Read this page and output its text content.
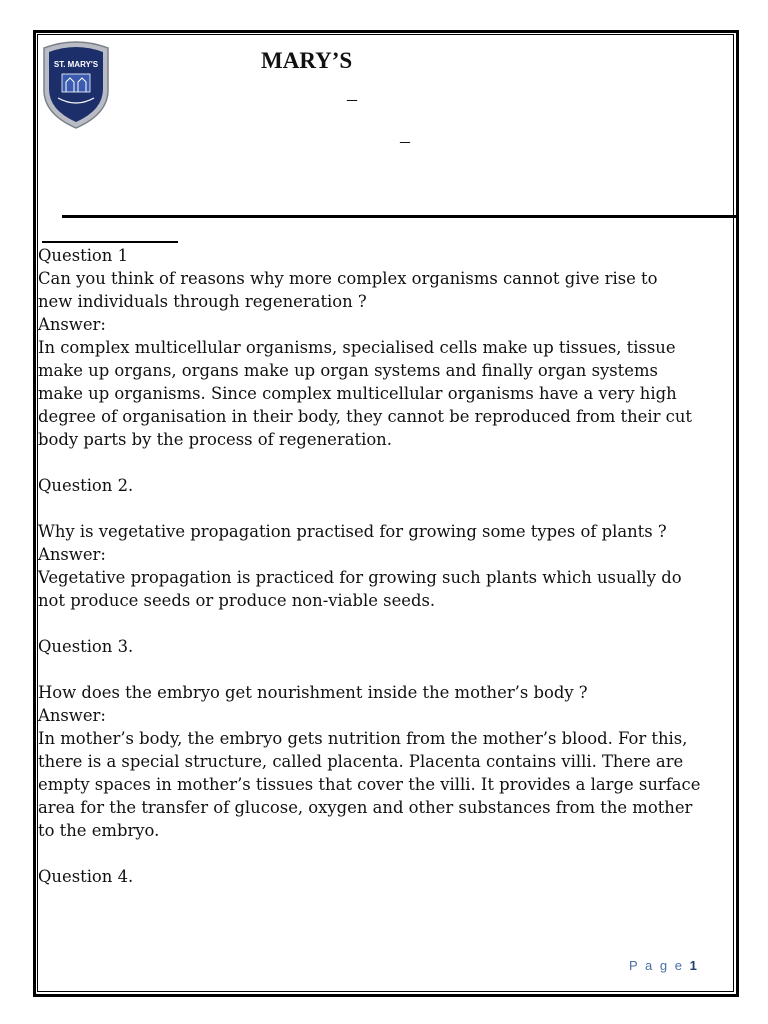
ST. MARY'S	MARY’S
–
–
Question 1
Can you think of reasons why more complex organisms cannot give rise to
new individuals through regeneration ?
Answer:
In complex multicellular organisms, specialised cells make up tissues, tissue
make up organs, organs make up organ systems and finally organ systems
make up organisms. Since complex multicellular organisms have a very high
degree of organisation in their body, they cannot be reproduced from their cut
body parts by the process of regeneration.
Question 2.
Why is vegetative propagation practised for growing some types of plants ?
Answer:
Vegetative propagation is practiced for growing such plants which usually do
not produce seeds or produce non-viable seeds.
Question 3.
How does the embryo get nourishment inside the mother’s body ?
Answer:
In mother’s body, the embryo gets nutrition from the mother’s blood. For this,
there is a special structure, called placenta. Placenta contains villi. There are
empty spaces in mother’s tissues that cover the villi. It provides a large surface
area for the transfer of glucose, oxygen and other substances from the mother
to the embryo.
Question 4.
P a g e 1
